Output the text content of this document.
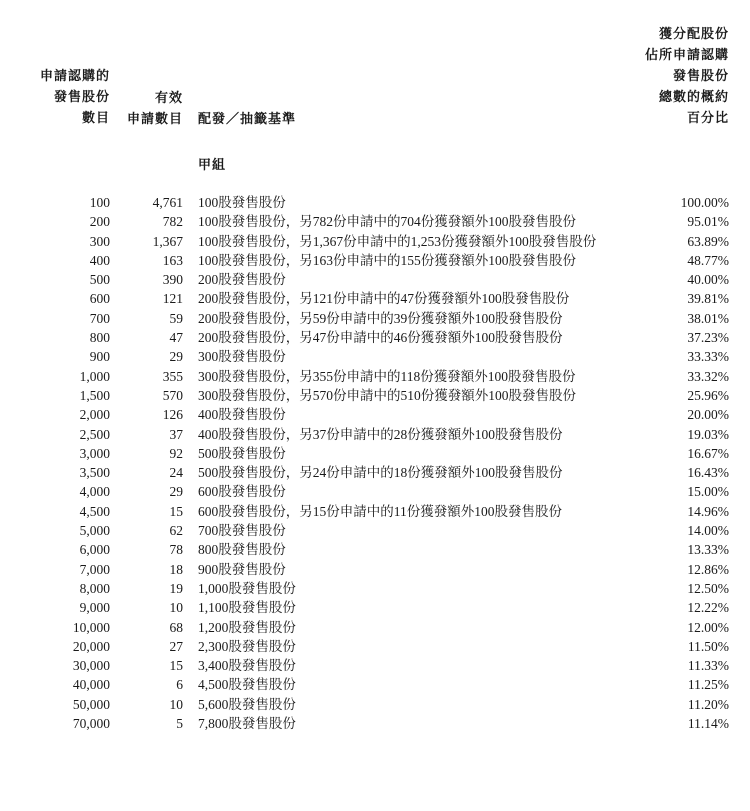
申請認購的
發售股份
數目
有效
申請數目 配發／抽籤基準
獲分配股份
佔所申請認購
發售股份
總數的概約
百分比
甲組
100	4,761 100股發售股份	100.00%
200	782 100股發售股份，另782份申請中的704份獲發額外100股發售股份	95.01%
300	1,367 100股發售股份，另1,367份申請中的1,253份獲發額外100股發售股份	63.89%
400	163 100股發售股份，另163份申請中的155份獲發額外100股發售股份	48.77%
500	390 200股發售股份	40.00%
600	121 200股發售股份，另121份申請中的47份獲發額外100股發售股份	39.81%
700	59 200股發售股份，另59份申請中的39份獲發額外100股發售股份	38.01%
800	47 200股發售股份，另47份申請中的46份獲發額外100股發售股份	37.23%
900	29 300股發售股份	33.33%
1,000	355 300股發售股份，另355份申請中的118份獲發額外100股發售股份	33.32%
1,500	570 300股發售股份，另570份申請中的510份獲發額外100股發售股份	25.96%
2,000	126 400股發售股份	20.00%
2,500	37 400股發售股份，另37份申請中的28份獲發額外100股發售股份	19.03%
3,000	92 500股發售股份	16.67%
3,500	24 500股發售股份，另24份申請中的18份獲發額外100股發售股份	16.43%
4,000	29 600股發售股份	15.00%
4,500	15 600股發售股份，另15份申請中的11份獲發額外100股發售股份	14.96%
5,000	62 700股發售股份	14.00%
6,000	78 800股發售股份	13.33%
7,000	18 900股發售股份	12.86%
8,000	19 1,000股發售股份	12.50%
9,000	10 1,100股發售股份	12.22%
10,000	68 1,200股發售股份	12.00%
20,000	27 2,300股發售股份	11.50%
30,000	15 3,400股發售股份	11.33%
40,000	6 4,500股發售股份	11.25%
50,000	10 5,600股發售股份	11.20%
70,000	5 7,800股發售股份	11.14%
